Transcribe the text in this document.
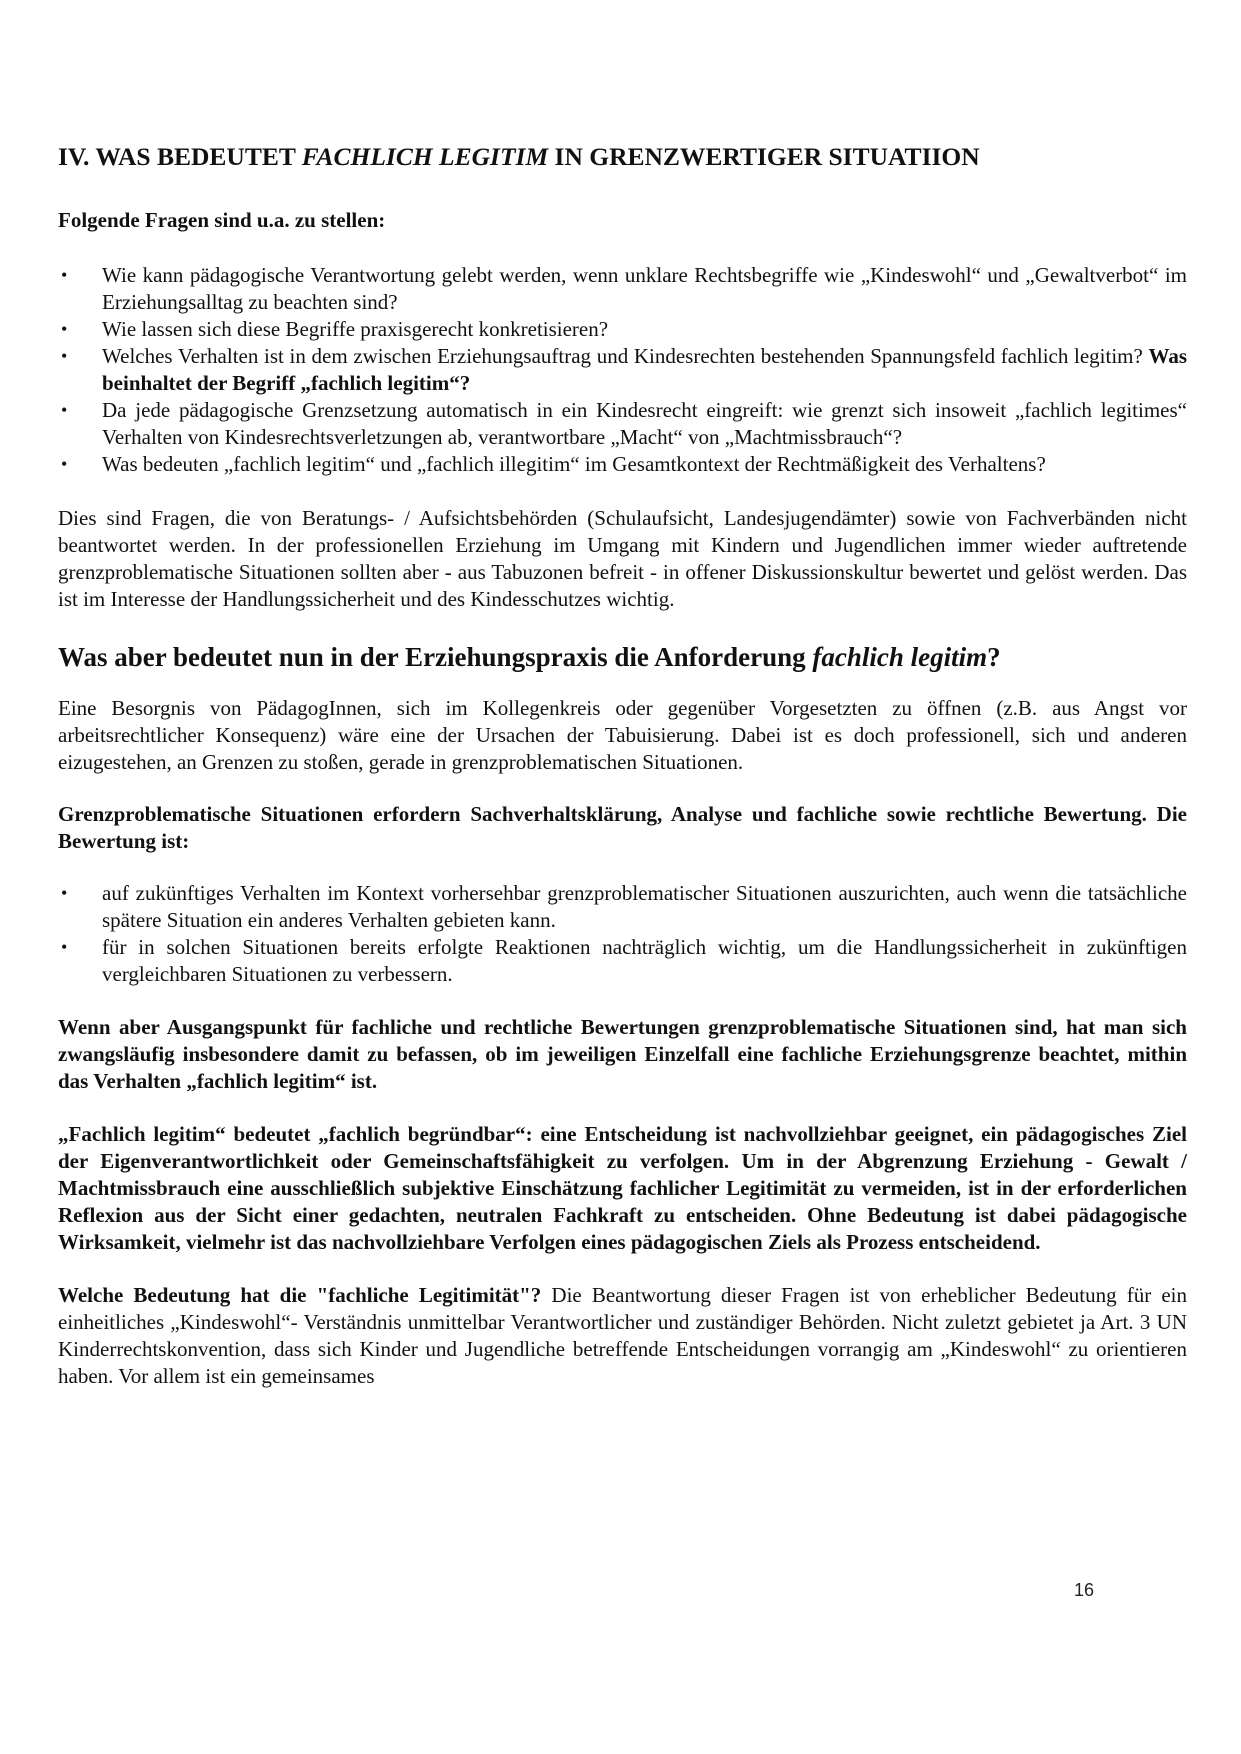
IV. WAS BEDEUTET FACHLICH LEGITIM IN GRENZWERTIGER SITUATIION

Folgende Fragen sind u.a. zu stellen:

• Wie kann pädagogische Verantwortung gelebt werden, wenn unklare Rechtsbegriffe wie „Kindeswohl“ und „Gewaltverbot“ im Erziehungsalltag zu beachten sind?
• Wie lassen sich diese Begriffe praxisgerecht konkretisieren?
• Welches Verhalten ist in dem zwischen Erziehungsauftrag und Kindesrechten bestehenden Spannungsfeld fachlich legitim? Was beinhaltet der Begriff „fachlich legitim“?
• Da jede pädagogische Grenzsetzung automatisch in ein Kindesrecht eingreift: wie grenzt sich insoweit „fachlich legitimes“ Verhalten von Kindesrechtsverletzungen ab, verantwortbare „Macht“ von „Machtmissbrauch“?
• Was bedeuten „fachlich legitim“ und „fachlich illegitim“ im Gesamtkontext der Rechtmäßigkeit des Verhaltens?

Dies sind Fragen, die von Beratungs- / Aufsichtsbehörden (Schulaufsicht, Landesjugendämter) sowie von Fachverbänden nicht beantwortet werden. In der professionellen Erziehung im Umgang mit Kindern und Jugendlichen immer wieder auftretende grenzproblematische Situationen sollten aber - aus Tabuzonen befreit - in offener Diskussionskultur bewertet und gelöst werden. Das ist im Interesse der Handlungssicherheit und des Kindesschutzes wichtig.

Was aber bedeutet nun in der Erziehungspraxis die Anforderung fachlich legitim?

Eine Besorgnis von PädagogInnen, sich im Kollegenkreis oder gegenüber Vorgesetzten zu öffnen (z.B. aus Angst vor arbeitsrechtlicher Konsequenz) wäre eine der Ursachen der Tabuisierung. Dabei ist es doch professionell, sich und anderen eizugestehen, an Grenzen zu stoßen, gerade in grenzproblematischen Situationen.

Grenzproblematische Situationen erfordern Sachverhaltsklärung, Analyse und fachliche sowie rechtliche Bewertung. Die Bewertung ist:

• auf zukünftiges Verhalten im Kontext vorhersehbar grenzproblematischer Situationen auszurichten, auch wenn die tatsächliche spätere Situation ein anderes Verhalten gebieten kann.
• für in solchen Situationen bereits erfolgte Reaktionen nachträglich wichtig, um die Handlungssicherheit in zukünftigen vergleichbaren Situationen zu verbessern.

Wenn aber Ausgangspunkt für fachliche und rechtliche Bewertungen grenzproblematische Situationen sind, hat man sich zwangsläufig insbesondere damit zu befassen, ob im jeweiligen Einzelfall eine fachliche Erziehungsgrenze beachtet, mithin das Verhalten „fachlich legitim“ ist.

„Fachlich legitim“ bedeutet „fachlich begründbar“: eine Entscheidung ist nachvollziehbar geeignet, ein pädagogisches Ziel der Eigenverantwortlichkeit oder Gemeinschaftsfähigkeit zu verfolgen. Um in der Abgrenzung Erziehung - Gewalt / Machtmissbrauch eine ausschließlich subjektive Einschätzung fachlicher Legitimität zu vermeiden, ist in der erforderlichen Reflexion aus der Sicht einer gedachten, neutralen Fachkraft zu entscheiden. Ohne Bedeutung ist dabei pädagogische Wirksamkeit, vielmehr ist das nachvollziehbare Verfolgen eines pädagogischen Ziels als Prozess entscheidend.

Welche Bedeutung hat die "fachliche Legitimität"? Die Beantwortung dieser Fragen ist von erheblicher Bedeutung für ein einheitliches „Kindeswohl“- Verständnis unmittelbar Verantwortlicher und zuständiger Behörden. Nicht zuletzt gebietet ja Art. 3 UN Kinderrechtskonvention, dass sich Kinder und Jugendliche betreffende Entscheidungen vorrangig am „Kindeswohl“ zu orientieren haben. Vor allem ist ein gemeinsames

16
